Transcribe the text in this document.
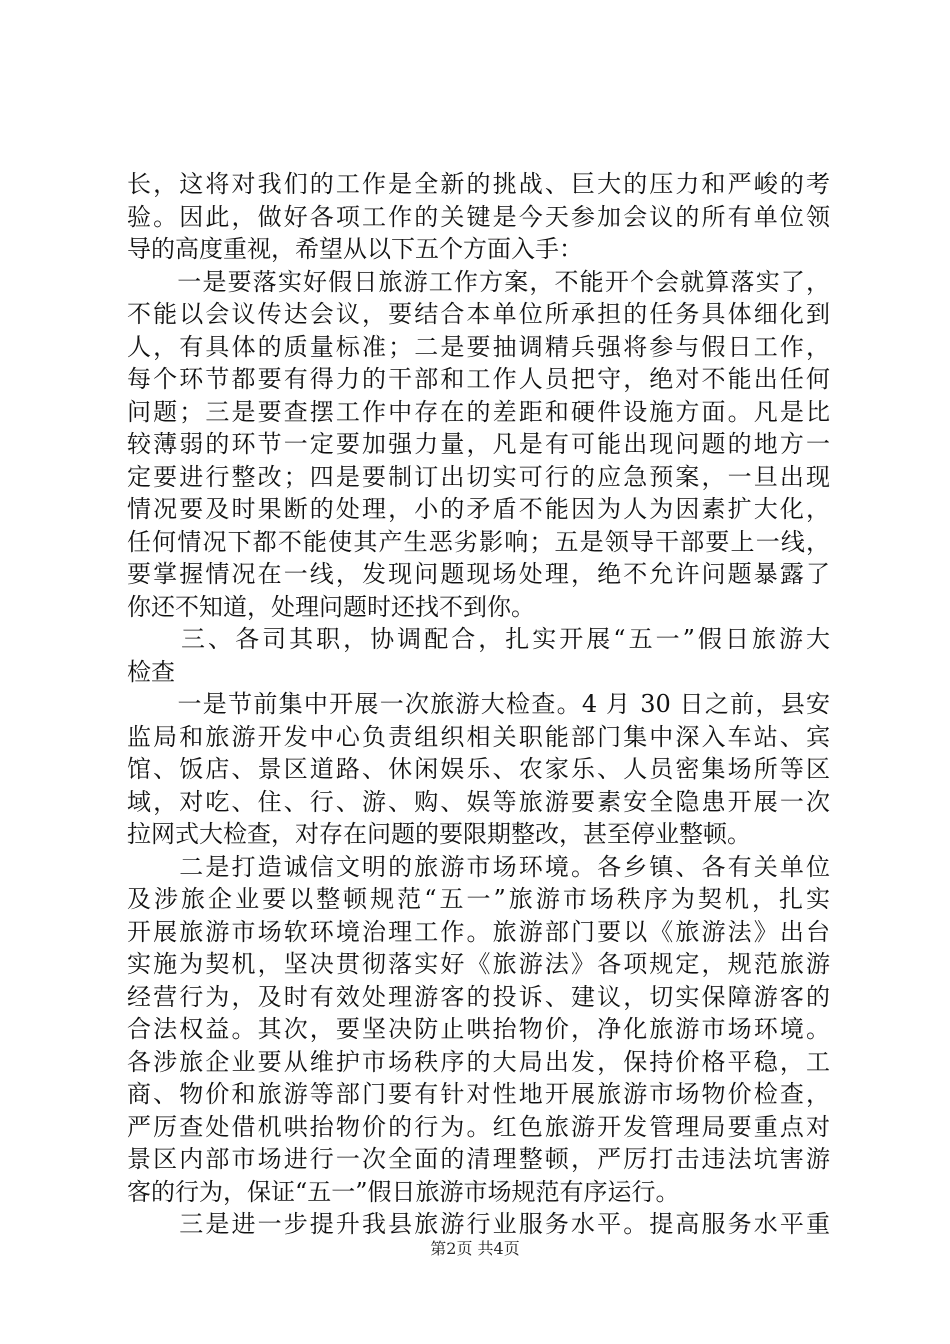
长，这将对我们的工作是全新的挑战、巨大的压力和严峻的考
验。因此，做好各项工作的关键是今天参加会议的所有单位领
导的高度重视，希望从以下五个方面入手：
　　一是要落实好假日旅游工作方案，不能开个会就算落实了，
不能以会议传达会议，要结合本单位所承担的任务具体细化到
人，有具体的质量标准；二是要抽调精兵强将参与假日工作，
每个环节都要有得力的干部和工作人员把守，绝对不能出任何
问题；三是要查摆工作中存在的差距和硬件设施方面。凡是比
较薄弱的环节一定要加强力量，凡是有可能出现问题的地方一
定要进行整改；四是要制订出切实可行的应急预案，一旦出现
情况要及时果断的处理，小的矛盾不能因为人为因素扩大化，
任何情况下都不能使其产生恶劣影响；五是领导干部要上一线，
要掌握情况在一线，发现问题现场处理，绝不允许问题暴露了
你还不知道，处理问题时还找不到你。
　　三、各司其职，协调配合，扎实开展“五一”假日旅游大
检查
　　一是节前集中开展一次旅游大检查。4 月 30 日之前，县安
监局和旅游开发中心负责组织相关职能部门集中深入车站、宾
馆、饭店、景区道路、休闲娱乐、农家乐、人员密集场所等区
域，对吃、住、行、游、购、娱等旅游要素安全隐患开展一次
拉网式大检查，对存在问题的要限期整改，甚至停业整顿。
　　二是打造诚信文明的旅游市场环境。各乡镇、各有关单位
及涉旅企业要以整顿规范“五一”旅游市场秩序为契机，扎实
开展旅游市场软环境治理工作。旅游部门要以《旅游法》出台
实施为契机，坚决贯彻落实好《旅游法》各项规定，规范旅游
经营行为，及时有效处理游客的投诉、建议，切实保障游客的
合法权益。其次，要坚决防止哄抬物价，净化旅游市场环境。
各涉旅企业要从维护市场秩序的大局出发，保持价格平稳，工
商、物价和旅游等部门要有针对性地开展旅游市场物价检查，
严厉查处借机哄抬物价的行为。红色旅游开发管理局要重点对
景区内部市场进行一次全面的清理整顿，严厉打击违法坑害游
客的行为，保证“五一”假日旅游市场规范有序运行。
　　三是进一步提升我县旅游行业服务水平。提高服务水平重
第2页 共4页
